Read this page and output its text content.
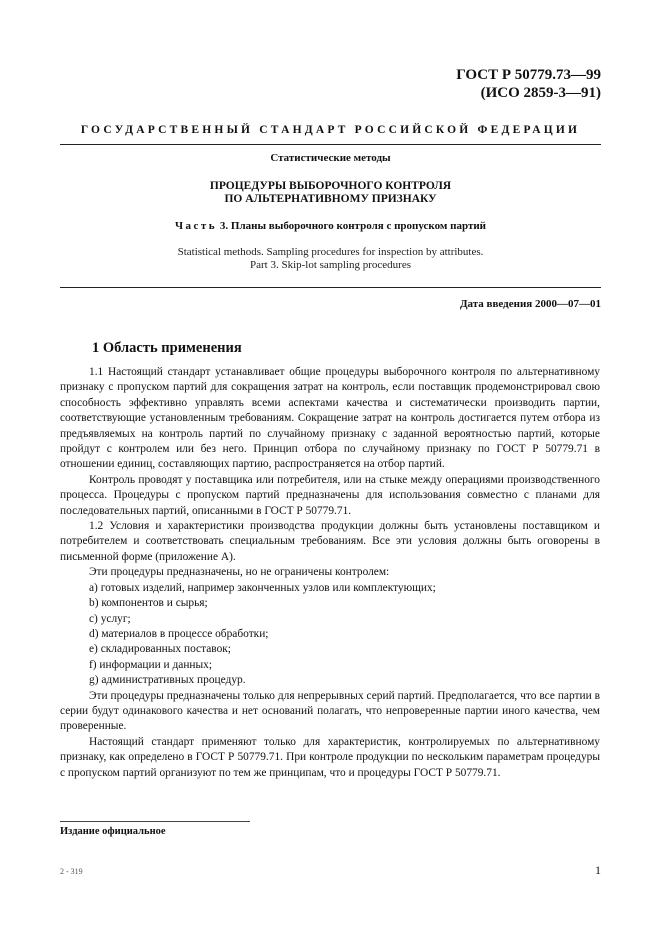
ГОСТ Р 50779.73—99
(ИСО 2859-3—91)
ГОСУДАРСТВЕННЫЙ СТАНДАРТ РОССИЙСКОЙ ФЕДЕРАЦИИ
Статистические методы
ПРОЦЕДУРЫ ВЫБОРОЧНОГО КОНТРОЛЯ
ПО АЛЬТЕРНАТИВНОМУ ПРИЗНАКУ
Часть 3. Планы выборочного контроля с пропуском партий
Statistical methods. Sampling procedures for inspection by attributes.
Part 3. Skip-lot sampling procedures
Дата введения 2000—07—01
1 Область применения

1.1 Настоящий стандарт устанавливает общие процедуры выборочного контроля по альтернативному признаку с пропуском партий для сокращения затрат на контроль, если поставщик продемонстрировал свою способность эффективно управлять всеми аспектами качества и систематически производить партии, соответствующие установленным требованиям. Сокращение затрат на контроль достигается путем отбора из предъявляемых на контроль партий по случайному признаку с заданной вероятностью партий, которые пройдут с контролем или без него. Принцип отбора по случайному признаку по ГОСТ Р 50779.71 в отношении единиц, составляющих партию, распространяется на отбор партий.

Контроль проводят у поставщика или потребителя, или на стыке между операциями производственного процесса. Процедуры с пропуском партий предназначены для использования совместно с планами для последовательных партий, описанными в ГОСТ Р 50779.71.

1.2 Условия и характеристики производства продукции должны быть установлены поставщиком и потребителем и соответствовать специальным требованиям. Все эти условия должны быть оговорены в письменной форме (приложение А).

Эти процедуры предназначены, но не ограничены контролем:

а) готовых изделий, например законченных узлов или комплектующих;

b) компонентов и сырья;

с) услуг;

d) материалов в процессе обработки;

е) складированных поставок;

f) информации и данных;

g) административных процедур.

Эти процедуры предназначены только для непрерывных серий партий. Предполагается, что все партии в серии будут одинакового качества и нет оснований полагать, что непроверенные партии иного качества, чем проверенные.

Настоящий стандарт применяют только для характеристик, контролируемых по альтернативному признаку, как определено в ГОСТ Р 50779.71. При контроле продукции по нескольким параметрам процедуры с пропуском партий организуют по тем же принципам, что и процедуры ГОСТ Р 50779.71.

Издание официальное
2 - 319	1
